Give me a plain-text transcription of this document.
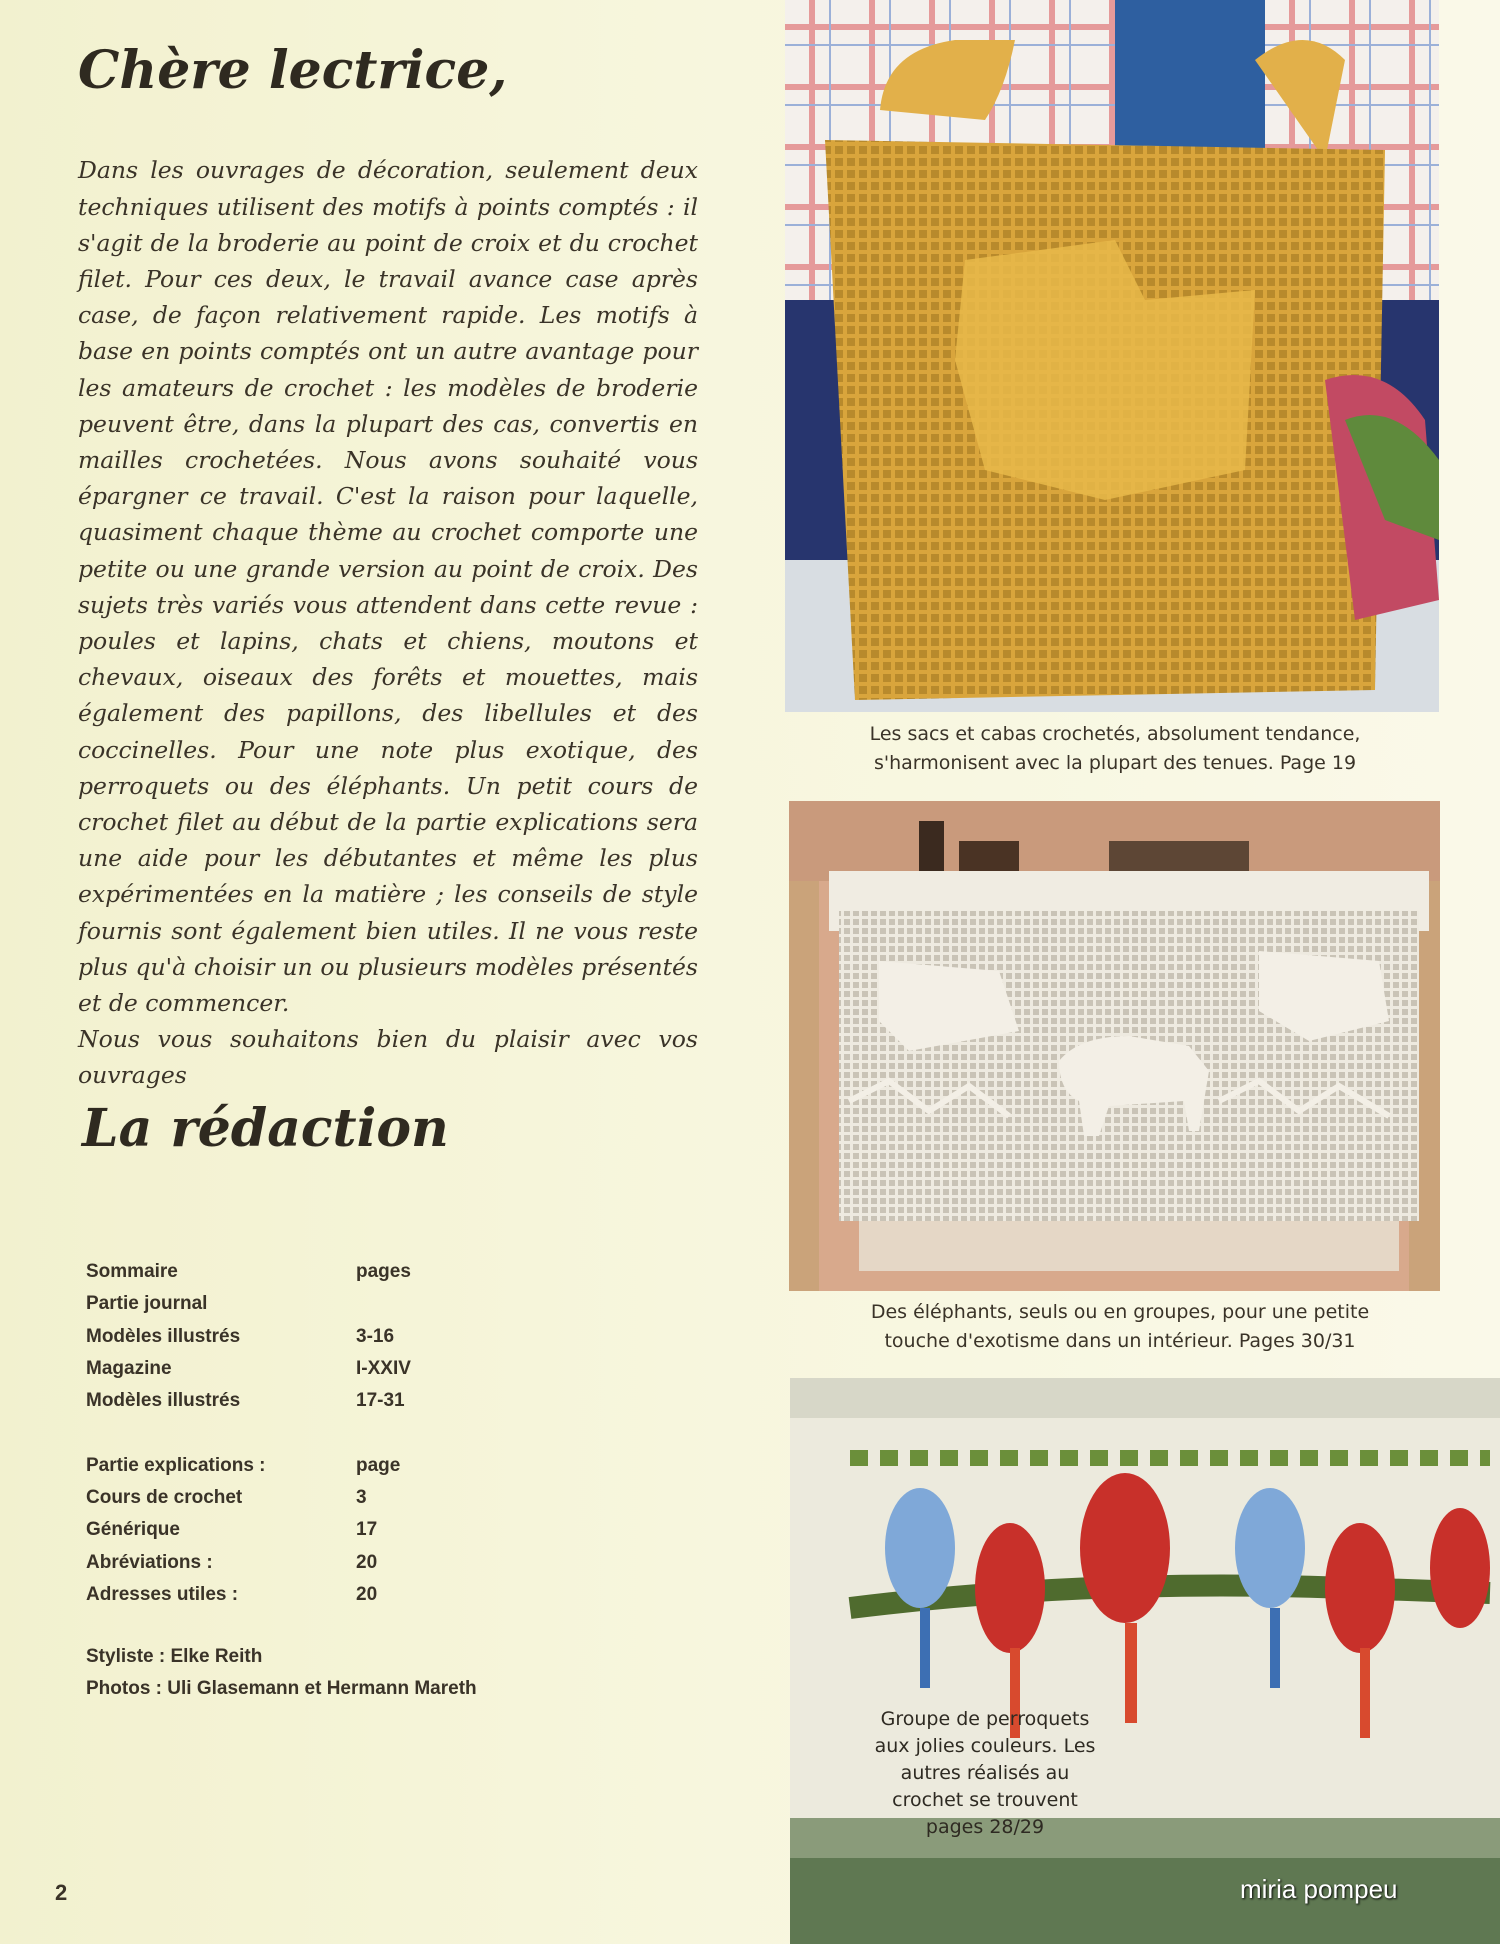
Chère lectrice,

Dans les ouvrages de décoration, seulement deux techniques utilisent des motifs à points comptés : il s'agit de la broderie au point de croix et du crochet filet. Pour ces deux, le travail avance case après case, de façon relativement rapide. Les motifs à base en points comptés ont un autre avantage pour les amateurs de crochet : les modèles de broderie peuvent être, dans la plupart des cas, convertis en mailles crochetées. Nous avons souhaité vous épargner ce travail. C'est la raison pour laquelle, quasiment chaque thème au crochet comporte une petite ou une grande version au point de croix. Des sujets très variés vous attendent dans cette revue : poules et lapins, chats et chiens, moutons et chevaux, oiseaux des forêts et mouettes, mais également des papillons, des libellules et des coccinelles. Pour une note plus exotique, des perroquets ou des éléphants. Un petit cours de crochet filet au début de la partie explications sera une aide pour les débutantes et même les plus expérimentées en la matière ; les conseils de style fournis sont également bien utiles. Il ne vous reste plus qu'à choisir un ou plusieurs modèles présentés et de commencer.

Nous vous souhaitons bien du plaisir avec vos ouvrages

La rédaction
Sommaire	pages
Partie journal
Modèles illustrés	3-16
Magazine	I-XXIV
Modèles illustrés	17-31
Partie explications :	page
Cours de crochet	3
Générique	17
Abréviations :	20
Adresses utiles :	20
Styliste : Elke Reith
Photos : Uli Glasemann et Hermann Mareth
2
Les sacs et cabas crochetés, absolument tendance,
s'harmonisent avec la plupart des tenues. Page 19
Des éléphants, seuls ou en groupes, pour une petite
touche d'exotisme dans un intérieur. Pages 30/31
Groupe de perroquets
aux jolies couleurs. Les
autres réalisés au
crochet se trouvent
pages 28/29
miria pompeu
